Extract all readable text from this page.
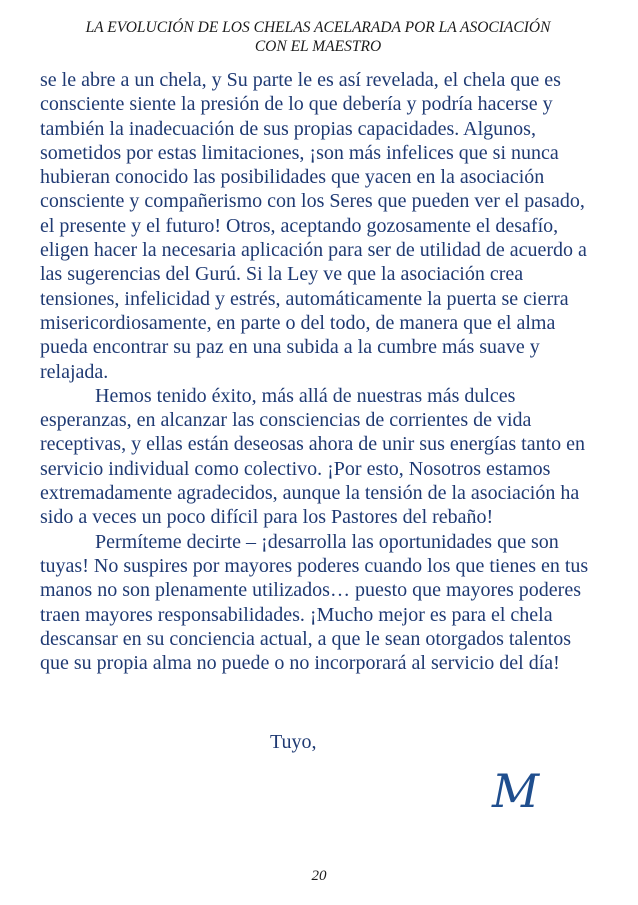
LA EVOLUCIÓN DE LOS CHELAS ACELARADA POR LA ASOCIACIÓN
CON EL MAESTRO

se le abre a un chela, y Su parte le es así revelada, el chela que es consciente siente la presión de lo que debería y podría hacerse y también la inadecuación de sus propias capacidades. Algunos, sometidos por estas limitaciones, ¡son más infelices que si nunca hubieran conocido las posibilidades que yacen en la asociación consciente y compañerismo con los Seres que pueden ver el pasado, el presente y el futuro! Otros, aceptando gozosamente el desafío, eligen hacer la necesaria aplicación para ser de utilidad de acuerdo a las sugerencias del Gurú. Si la Ley ve que la asociación crea tensiones, infelicidad y estrés, automáticamente la puerta se cierra misericordiosamente, en parte o del todo, de manera que el alma pueda encontrar su paz en una subida a la cumbre más suave y relajada.

Hemos tenido éxito, más allá de nuestras más dulces esperanzas, en alcanzar las consciencias de corrientes de vida receptivas, y ellas están deseosas ahora de unir sus energías tanto en servicio individual como colectivo. ¡Por esto, Nosotros estamos extremadamente agradecidos, aunque la tensión de la asociación ha sido a veces un poco difícil para los Pastores del rebaño!

Permíteme decirte – ¡desarrolla las oportunidades que son tuyas! No suspires por mayores poderes cuando los que tienes en tus manos no son plenamente utilizados… puesto que mayores poderes traen mayores responsabilidades. ¡Mucho mejor es para el chela descansar en su conciencia actual, a que le sean otorgados talentos que su propia alma no puede o no incorporará al servicio del día!

Tuyo,
M
20
